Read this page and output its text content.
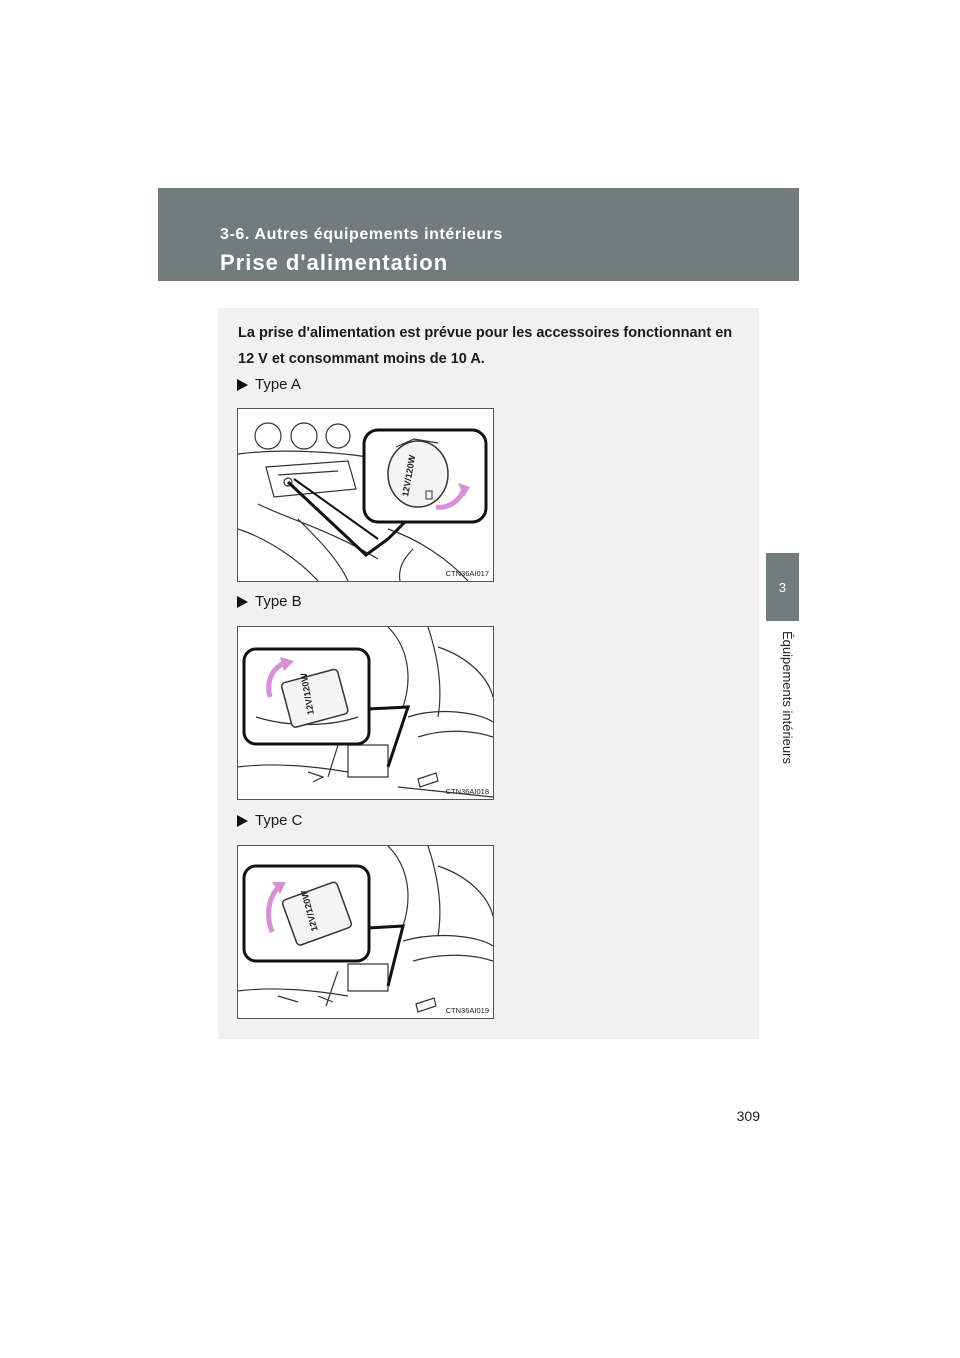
3-6. Autres équipements intérieurs
Prise d'alimentation
3
Équipements intérieurs
La prise d'alimentation est prévue pour les accessoires fonctionnant en 12 V et consommant moins de 10 A.
Type A
12V/120W
CTN36AI017
Type B
12V/120W
CTN36AI018
Type C
12V/120W
CTN36AI019
309
